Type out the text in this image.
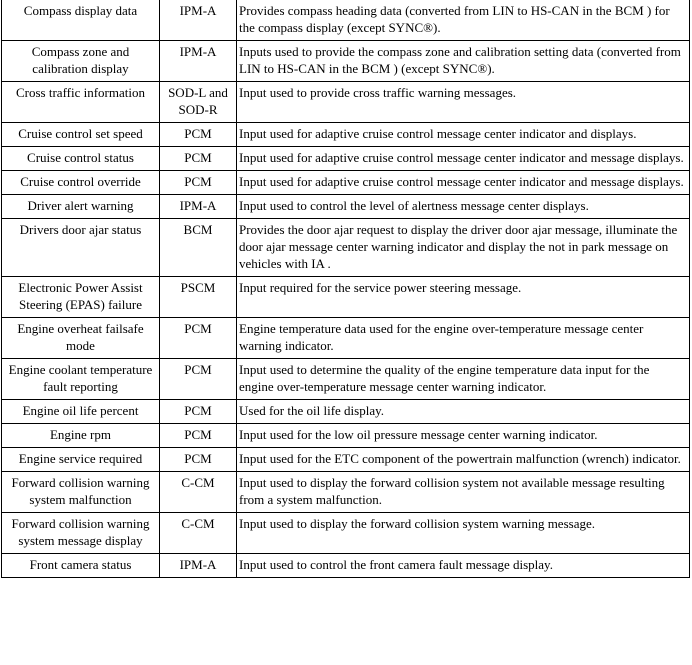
Compass display data	IPM-A	Provides compass heading data (converted from LIN to HS-CAN in the BCM ) for the compass display (except SYNC®).
Compass zone and calibration display	IPM-A	Inputs used to provide the compass zone and calibration setting data (converted from LIN to HS-CAN in the BCM ) (except SYNC®).
Cross traffic information	SOD-L and SOD-R	Input used to provide cross traffic warning messages.
Cruise control set speed	PCM	Input used for adaptive cruise control message center indicator and displays.
Cruise control status	PCM	Input used for adaptive cruise control message center indicator and message displays.
Cruise control override	PCM	Input used for adaptive cruise control message center indicator and message displays.
Driver alert warning	IPM-A	Input used to control the level of alertness message center displays.
Drivers door ajar status	BCM	Provides the door ajar request to display the driver door ajar message, illuminate the door ajar message center warning indicator and display the not in park message on vehicles with IA .
Electronic Power Assist Steering (EPAS) failure	PSCM	Input required for the service power steering message.
Engine overheat failsafe mode	PCM	Engine temperature data used for the engine over-temperature message center warning indicator.
Engine coolant temperature fault reporting	PCM	Input used to determine the quality of the engine temperature data input for the engine over-temperature message center warning indicator.
Engine oil life percent	PCM	Used for the oil life display.
Engine rpm	PCM	Input used for the low oil pressure message center warning indicator.
Engine service required	PCM	Input used for the ETC component of the powertrain malfunction (wrench) indicator.
Forward collision warning system malfunction	C-CM	Input used to display the forward collision system not available message resulting from a system malfunction.
Forward collision warning system message display	C-CM	Input used to display the forward collision system warning message.
Front camera status	IPM-A	Input used to control the front camera fault message display.
